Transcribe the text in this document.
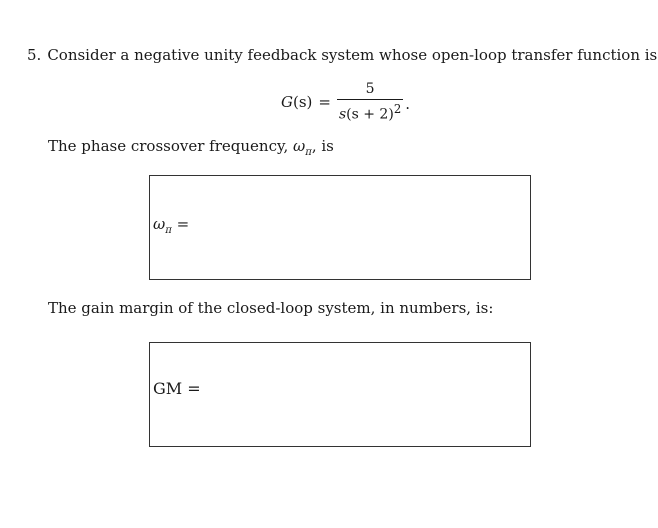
5. Consider a negative unity feedback system whose open-loop transfer function is
$G(s) = \frac{5}{s(s + 2)^2}$ .
The phase crossover frequency, $\omega_\pi$, is
$\omega_\pi$ =
The gain margin of the closed-loop system, in numbers, is:
GM =
